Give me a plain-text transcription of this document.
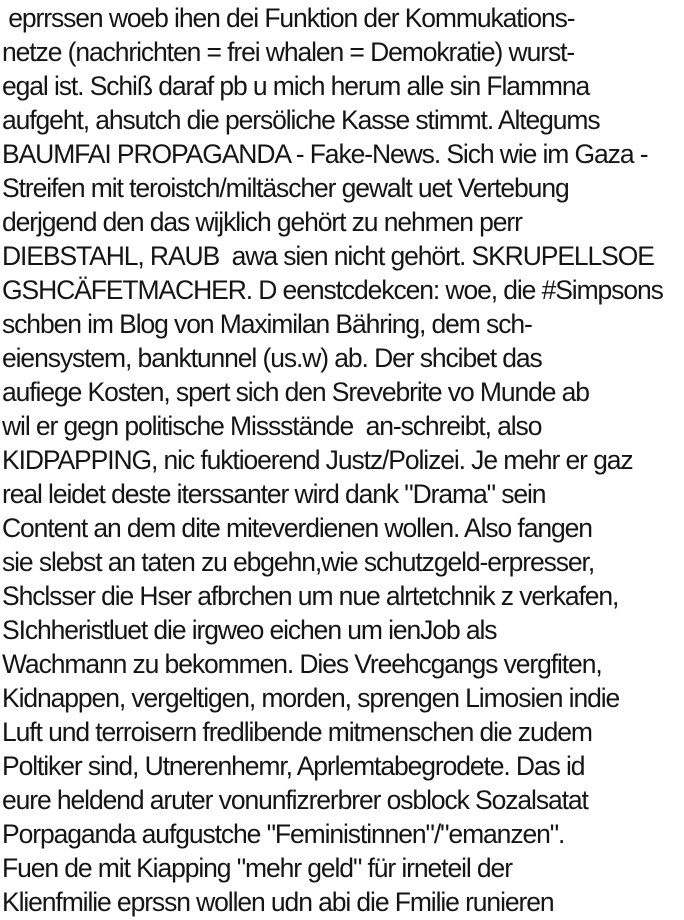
eprrssen woeb ihen dei Funktion der Kommukations-
netze (nachrichten = frei whalen = Demokratie) wurst-
egal ist. Schiß daraf pb u mich herum alle sin Flammna
aufgeht, ahsutch die persöliche Kasse stimmt. Altegums
BAUMFAI PROPAGANDA - Fake-News. Sich wie im Gaza -
Streifen mit teroistch/miltäscher gewalt uet Vertebung
derjgend den das wijklich gehört zu nehmen perr
DIEBSTAHL, RAUB  awa sien nicht gehört. SKRUPELLSOE
GSHCÄFETMACHER. D eenstcdekcen: woe, die #Simpsons
schben im Blog von Maximilan Bähring, dem sch-
eiensystem, banktunnel (us.w) ab. Der shcibet das
aufiege Kosten, spert sich den Srevebrite vo Munde ab
wil er gegn politische Missstände  an-schreibt, also
KIDPAPPING, nic fuktioerend Justz/Polizei. Je mehr er gaz
real leidet deste iterssanter wird dank "Drama" sein
Content an dem dite miteverdienen wollen. Also fangen
sie slebst an taten zu ebgehn,wie schutzgeld-erpresser,
Shclsser die Hser afbrchen um nue alrtetchnik z verkafen,
SIchheristluet die irgweo eichen um ienJob als
Wachmann zu bekommen. Dies Vreehcgangs vergfiten,
Kidnappen, vergeltigen, morden, sprengen Limosien indie
Luft und terroisern fredlibende mitmenschen die zudem
Poltiker sind, Utnerenhemr, Aprlemtabegrodete. Das id
eure heldend aruter vonunfizrerbrer osblock Sozalsatat
Porpaganda aufgustche "Feministinnen"/"emanzen".
Fuen de mit Kiapping "mehr geld" für irneteil der
Klienfmilie eprssn wollen udn abi die Fmilie runieren
